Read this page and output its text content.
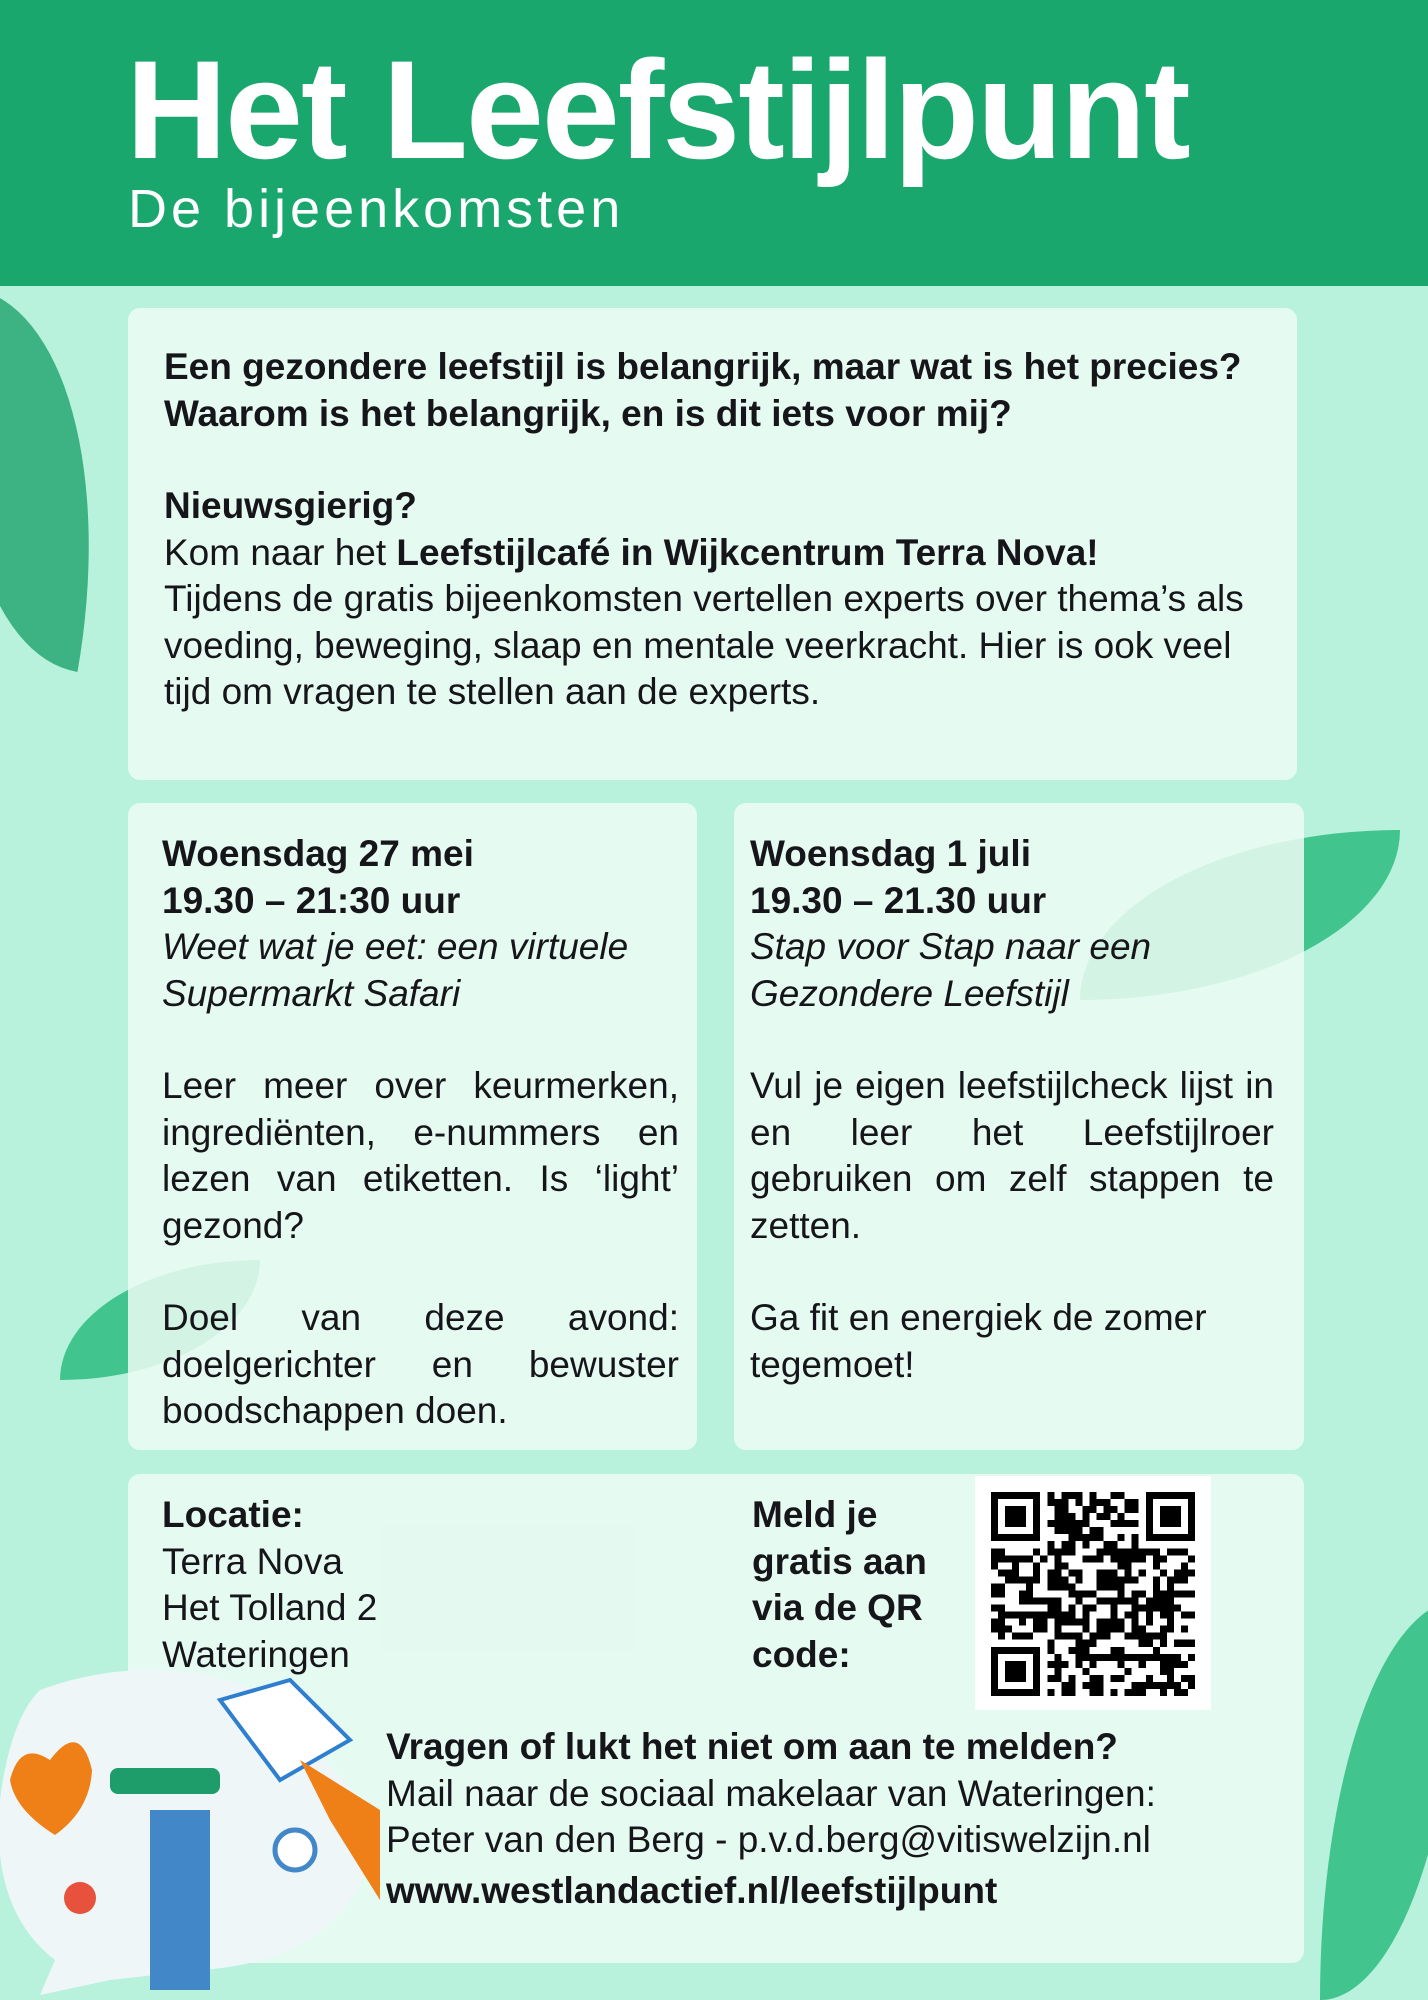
Het Leefstijlpunt
De bijeenkomsten

Een gezondere leefstijl is belangrijk, maar wat is het precies? Waarom is het belangrijk, en is dit iets voor mij?

Nieuwsgierig?

Kom naar het Leefstijlcafé in Wijkcentrum Terra Nova!

Tijdens de gratis bijeenkomsten vertellen experts over thema’s als voeding, beweging, slaap en mentale veerkracht. Hier is ook veel tijd om vragen te stellen aan de experts.

Woensdag 27 mei

19.30 – 21:30 uur

Weet wat je eet: een virtuele Supermarkt Safari

Leer meer over keurmerken, ingrediënten, e-nummers en lezen van etiketten. Is ‘light’ gezond?

Doel van deze avond: doelgerichter en bewuster boodschappen doen.

Woensdag 1 juli

19.30 – 21.30 uur

Stap voor Stap naar een Gezondere Leefstijl

Vul je eigen leefstijlcheck lijst in en leer het Leefstijlroer gebruiken om zelf stappen te zetten.

Ga fit en energiek de zomer tegemoet!

Locatie:

Terra Nova

Het Tolland 2

Wateringen

Meld je

gratis aan

via de QR

code:

Vragen of lukt het niet om aan te melden?

Mail naar de sociaal makelaar van Wateringen:

Peter van den Berg - p.v.d.berg@vitiswelzijn.nl

www.westlandactief.nl/leefstijlpunt
